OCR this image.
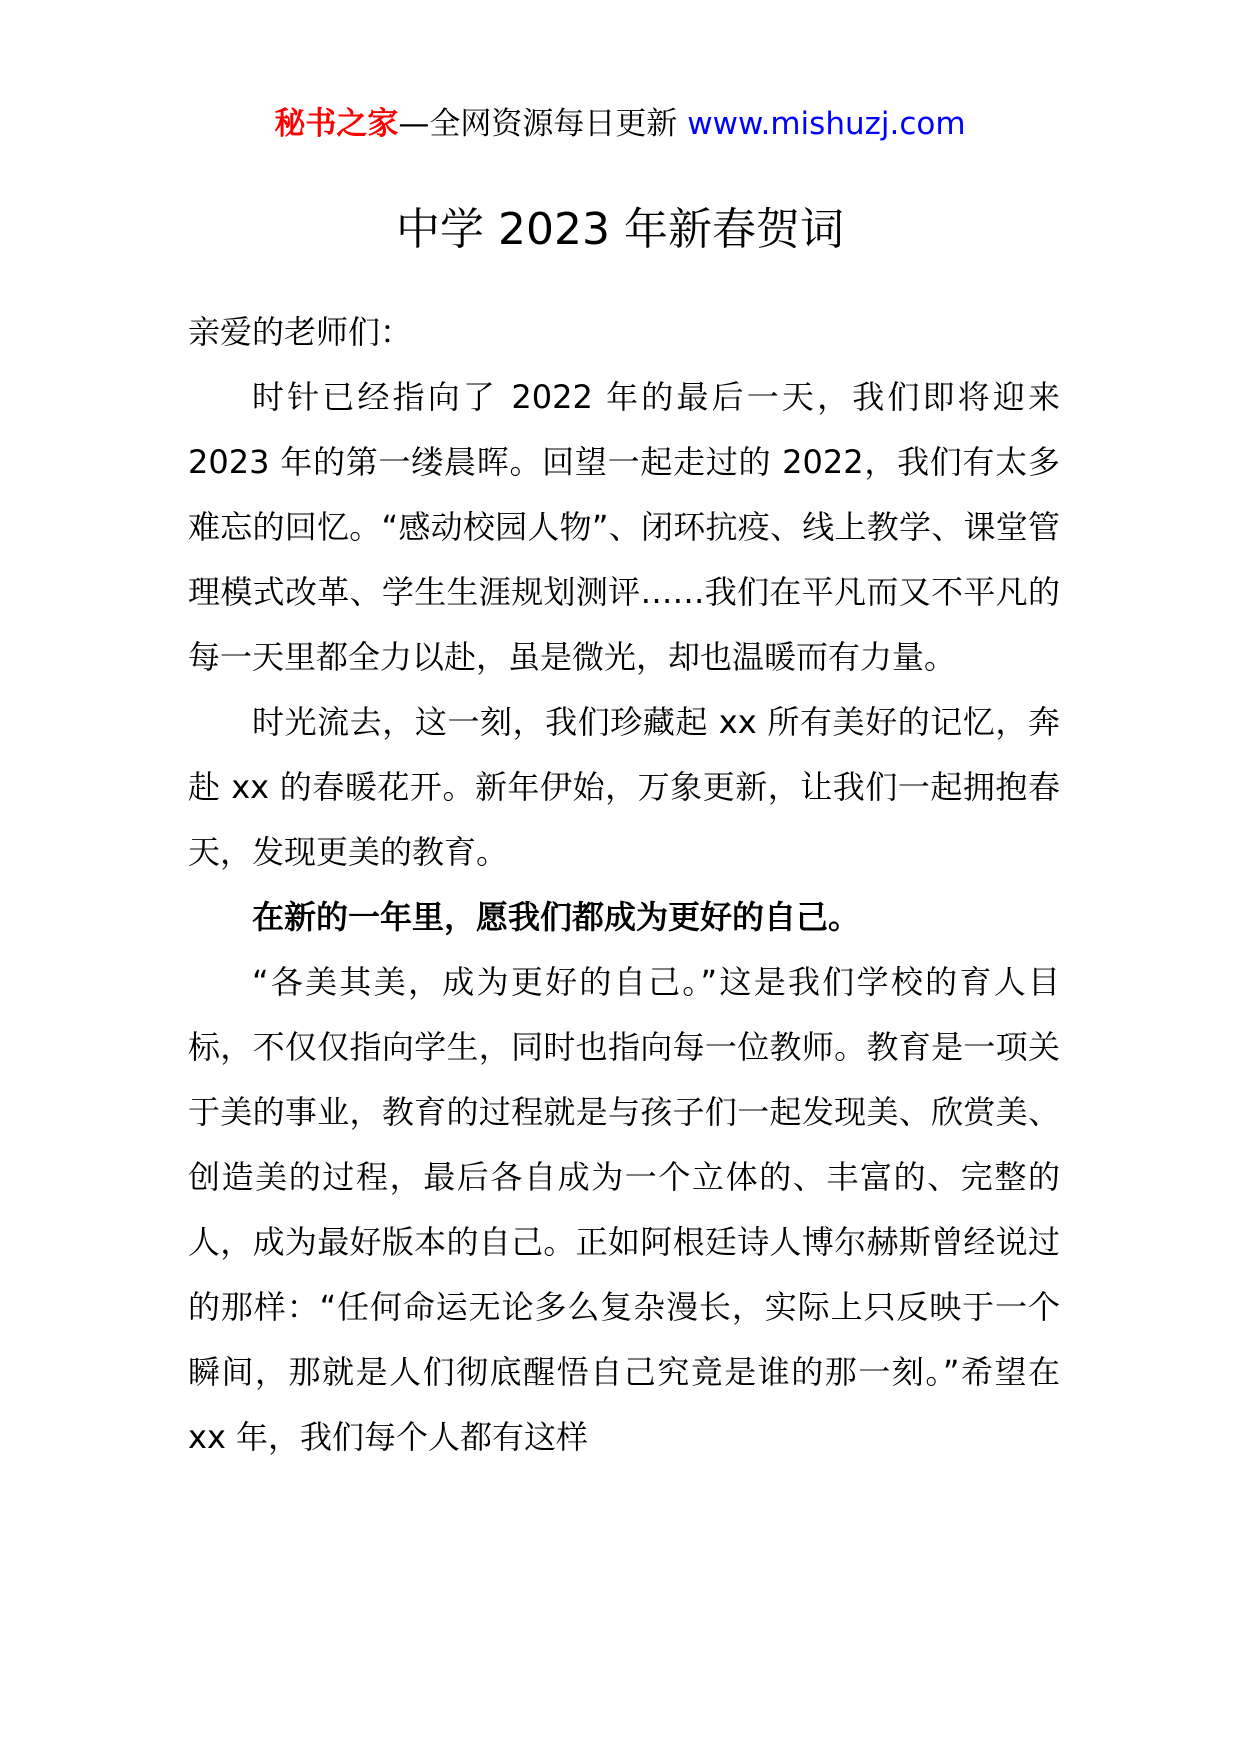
秘书之家—全网资源每日更新 www.mishuzj.com
中学 2023 年新春贺词

亲爱的老师们：

时针已经指向了 2022 年的最后一天，我们即将迎来 2023 年的第一缕晨晖。回望一起走过的 2022，我们有太多难忘的回忆。“感动校园人物”、闭环抗疫、线上教学、课堂管理模式改革、学生生涯规划测评……我们在平凡而又不平凡的每一天里都全力以赴，虽是微光，却也温暖而有力量。

时光流去，这一刻，我们珍藏起 xx 所有美好的记忆，奔赴 xx 的春暖花开。新年伊始，万象更新，让我们一起拥抱春天，发现更美的教育。

在新的一年里，愿我们都成为更好的自己。

“各美其美，成为更好的自己。”这是我们学校的育人目标，不仅仅指向学生，同时也指向每一位教师。教育是一项关于美的事业，教育的过程就是与孩子们一起发现美、欣赏美、创造美的过程，最后各自成为一个立体的、丰富的、完整的人，成为最好版本的自己。正如阿根廷诗人博尔赫斯曾经说过的那样：“任何命运无论多么复杂漫长，实际上只反映于一个瞬间，那就是人们彻底醒悟自己究竟是谁的那一刻。”希望在 xx 年，我们每个人都有这样
